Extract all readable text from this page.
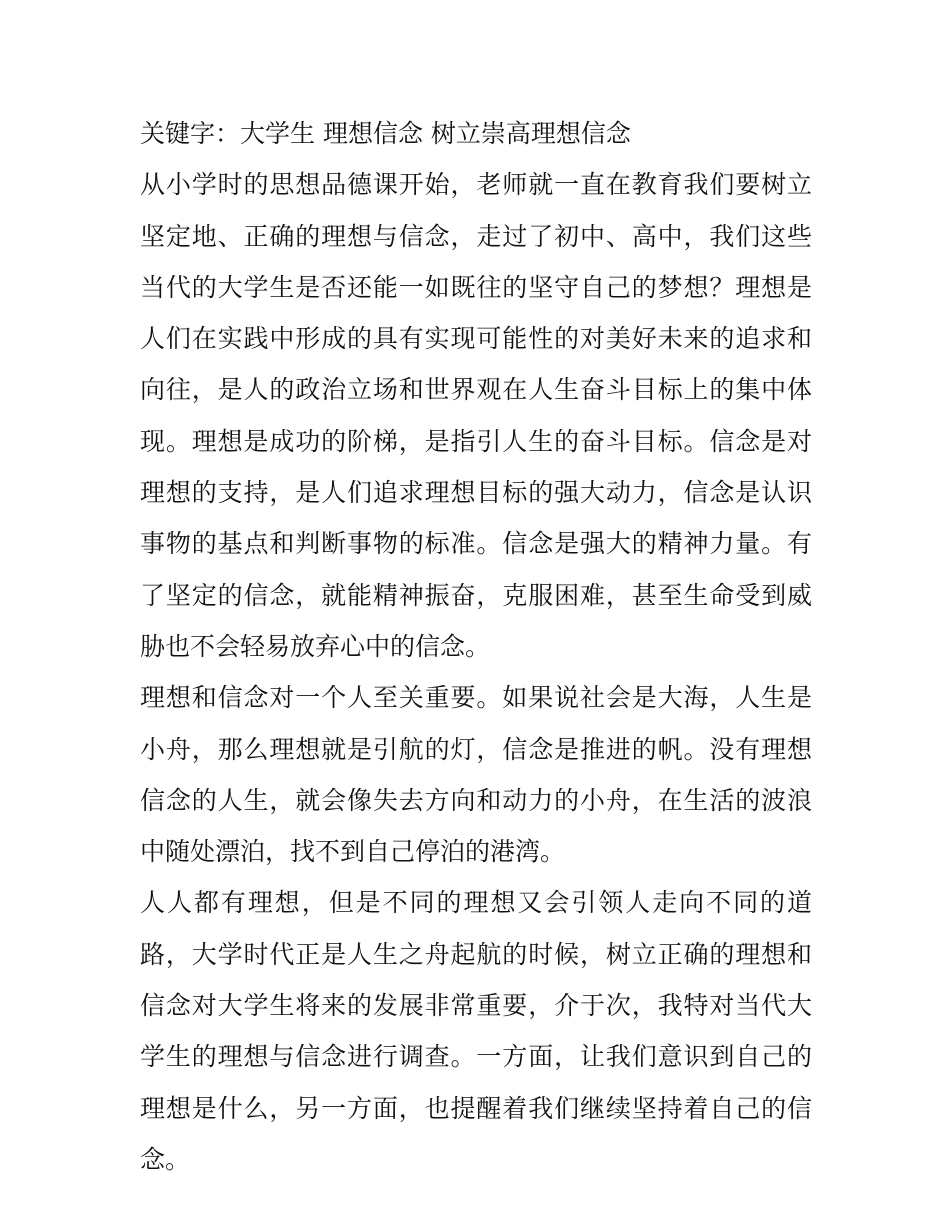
关键字：大学生 理想信念 树立崇高理想信念

从小学时的思想品德课开始，老师就一直在教育我们要树立坚定地、正确的理想与信念，走过了初中、高中，我们这些当代的大学生是否还能一如既往的坚守自己的梦想？理想是人们在实践中形成的具有实现可能性的对美好未来的追求和向往，是人的政治立场和世界观在人生奋斗目标上的集中体现。理想是成功的阶梯，是指引人生的奋斗目标。信念是对理想的支持，是人们追求理想目标的强大动力，信念是认识事物的基点和判断事物的标准。信念是强大的精神力量。有了坚定的信念，就能精神振奋，克服困难，甚至生命受到威胁也不会轻易放弃心中的信念。

理想和信念对一个人至关重要。如果说社会是大海，人生是小舟，那么理想就是引航的灯，信念是推进的帆。没有理想信念的人生，就会像失去方向和动力的小舟，在生活的波浪中随处漂泊，找不到自己停泊的港湾。

人人都有理想，但是不同的理想又会引领人走向不同的道路，大学时代正是人生之舟起航的时候，树立正确的理想和信念对大学生将来的发展非常重要，介于次，我特对当代大学生的理想与信念进行调查。一方面，让我们意识到自己的理想是什么，另一方面，也提醒着我们继续坚持着自己的信念。
